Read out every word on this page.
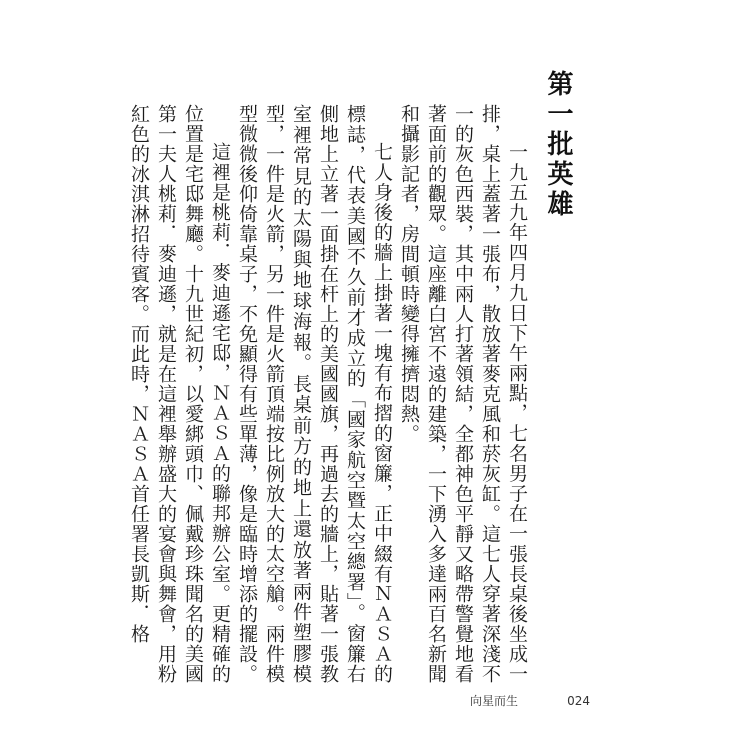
第一批英雄

一九五九年四月九日下午兩點，七名男子在一張長桌後坐成一排，桌上蓋著一張布，散放著麥克風和菸灰缸。這七人穿著深淺不一的灰色西裝，其中兩人打著領結，全都神色平靜又略帶警覺地看著面前的觀眾。這座離白宮不遠的建築，一下湧入多達兩百名新聞和攝影記者，房間頓時變得擁擠悶熱。

七人身後的牆上掛著一塊有布摺的窗簾，正中綴有ＮＡＳＡ的標誌，代表美國不久前才成立的「國家航空暨太空總署」。窗簾右側地上立著一面掛在杆上的美國國旗，再過去的牆上，貼著一張教室裡常見的太陽與地球海報。長桌前方的地上還放著兩件塑膠模型，一件是火箭，另一件是火箭頂端按比例放大的太空艙。兩件模型微微後仰倚靠桌子，不免顯得有些單薄，像是臨時增添的擺設。

這裡是桃莉．麥迪遜宅邸，ＮＡＳＡ的聯邦辦公室。更精確的位置是宅邸舞廳。十九世紀初，以愛綁頭巾、佩戴珍珠聞名的美國第一夫人桃莉．麥迪遜，就是在這裡舉辦盛大的宴會與舞會，用粉紅色的冰淇淋招待賓客。而此時，ＮＡＳＡ首任署長凱斯．格

向星而生	024
